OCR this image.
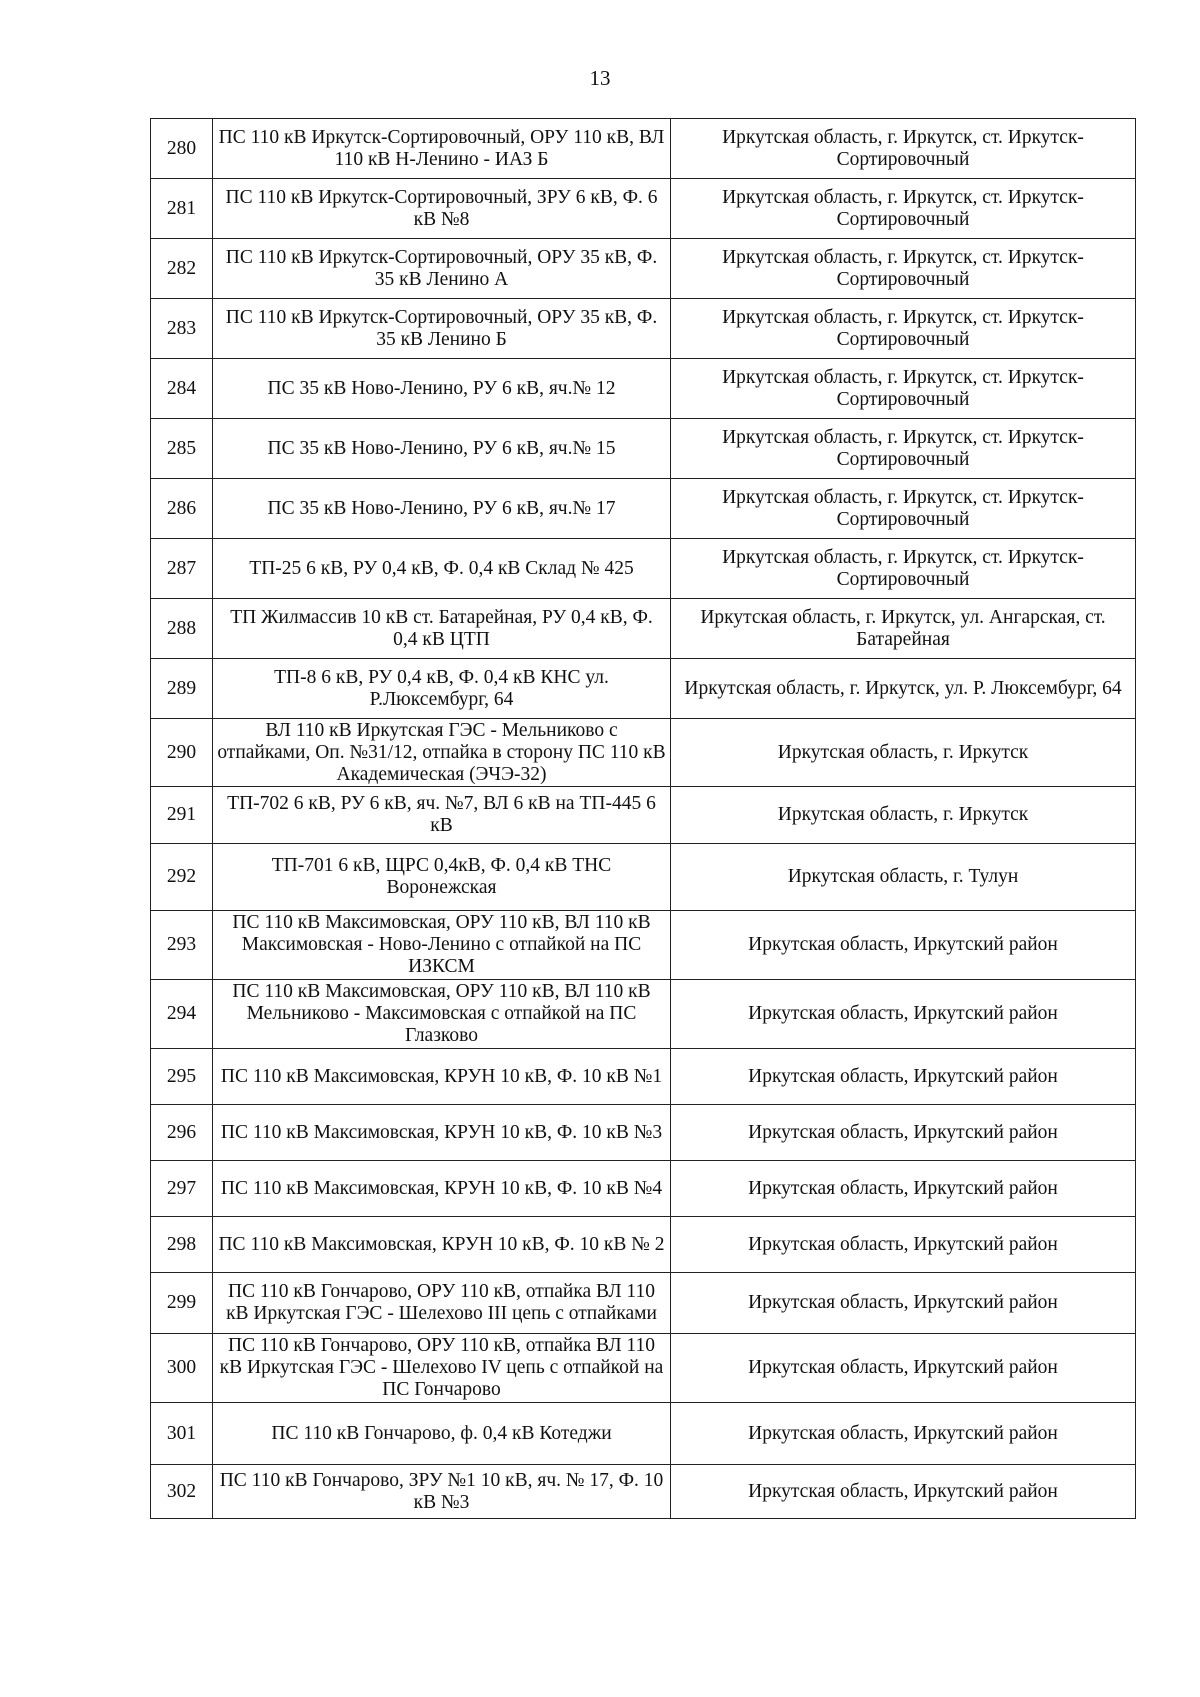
13
280	ПС 110 кВ Иркутск-Сортировочный, ОРУ 110 кВ, ВЛ 110 кВ Н-Ленино - ИАЗ Б	Иркутская область, г. Иркутск, ст. Иркутск-Сортировочный
281	ПС 110 кВ Иркутск-Сортировочный, ЗРУ 6 кВ, Ф. 6 кВ №8	Иркутская область, г. Иркутск, ст. Иркутск-Сортировочный
282	ПС 110 кВ Иркутск-Сортировочный, ОРУ 35 кВ, Ф. 35 кВ Ленино А	Иркутская область, г. Иркутск, ст. Иркутск-Сортировочный
283	ПС 110 кВ Иркутск-Сортировочный, ОРУ 35 кВ, Ф. 35 кВ Ленино Б	Иркутская область, г. Иркутск, ст. Иркутск-Сортировочный
284	ПС 35 кВ Ново-Ленино, РУ 6 кВ, яч.№ 12	Иркутская область, г. Иркутск, ст. Иркутск-Сортировочный
285	ПС 35 кВ Ново-Ленино, РУ 6 кВ, яч.№ 15	Иркутская область, г. Иркутск, ст. Иркутск-Сортировочный
286	ПС 35 кВ Ново-Ленино, РУ 6 кВ, яч.№ 17	Иркутская область, г. Иркутск, ст. Иркутск-Сортировочный
287	ТП-25 6 кВ, РУ 0,4 кВ, Ф. 0,4 кВ Склад № 425	Иркутская область, г. Иркутск, ст. Иркутск-Сортировочный
288	ТП Жилмассив 10 кВ ст. Батарейная, РУ 0,4 кВ, Ф. 0,4 кВ ЦТП	Иркутская область, г. Иркутск, ул. Ангарская, ст. Батарейная
289	ТП-8 6 кВ, РУ 0,4 кВ, Ф. 0,4 кВ КНС ул. Р.Люксембург, 64	Иркутская область, г. Иркутск, ул. Р. Люксембург, 64
290	ВЛ 110 кВ Иркутская ГЭС - Мельниково с отпайками, Оп. №31/12, отпайка в сторону ПС 110 кВ Академическая (ЭЧЭ-32)	Иркутская область, г. Иркутск
291	ТП-702 6 кВ, РУ 6 кВ, яч. №7, ВЛ 6 кВ на ТП-445 6 кВ	Иркутская область, г. Иркутск
292	ТП-701 6 кВ, ЩРС 0,4кВ, Ф. 0,4 кВ ТНС Воронежская	Иркутская область, г. Тулун
293	ПС 110 кВ Максимовская, ОРУ 110 кВ, ВЛ 110 кВ Максимовская - Ново-Ленино с отпайкой на ПС ИЗКСМ	Иркутская область, Иркутский район
294	ПС 110 кВ Максимовская, ОРУ 110 кВ, ВЛ 110 кВ Мельниково - Максимовская с отпайкой на ПС Глазково	Иркутская область, Иркутский район
295	ПС 110 кВ Максимовская, КРУН 10 кВ, Ф. 10 кВ №1	Иркутская область, Иркутский район
296	ПС 110 кВ Максимовская, КРУН 10 кВ, Ф. 10 кВ №3	Иркутская область, Иркутский район
297	ПС 110 кВ Максимовская, КРУН 10 кВ, Ф. 10 кВ №4	Иркутская область, Иркутский район
298	ПС 110 кВ Максимовская, КРУН 10 кВ, Ф. 10 кВ № 2	Иркутская область, Иркутский район
299	ПС 110 кВ Гончарово, ОРУ 110 кВ, отпайка ВЛ 110 кВ Иркутская ГЭС - Шелехово III цепь с отпайками	Иркутская область, Иркутский район
300	ПС 110 кВ Гончарово, ОРУ 110 кВ, отпайка ВЛ 110 кВ Иркутская ГЭС - Шелехово IV цепь с отпайкой на ПС Гончарово	Иркутская область, Иркутский район
301	ПС 110 кВ Гончарово, ф. 0,4 кВ Котеджи	Иркутская область, Иркутский район
302	ПС 110 кВ Гончарово, ЗРУ №1 10 кВ, яч. № 17, Ф. 10 кВ №3	Иркутская область, Иркутский район
